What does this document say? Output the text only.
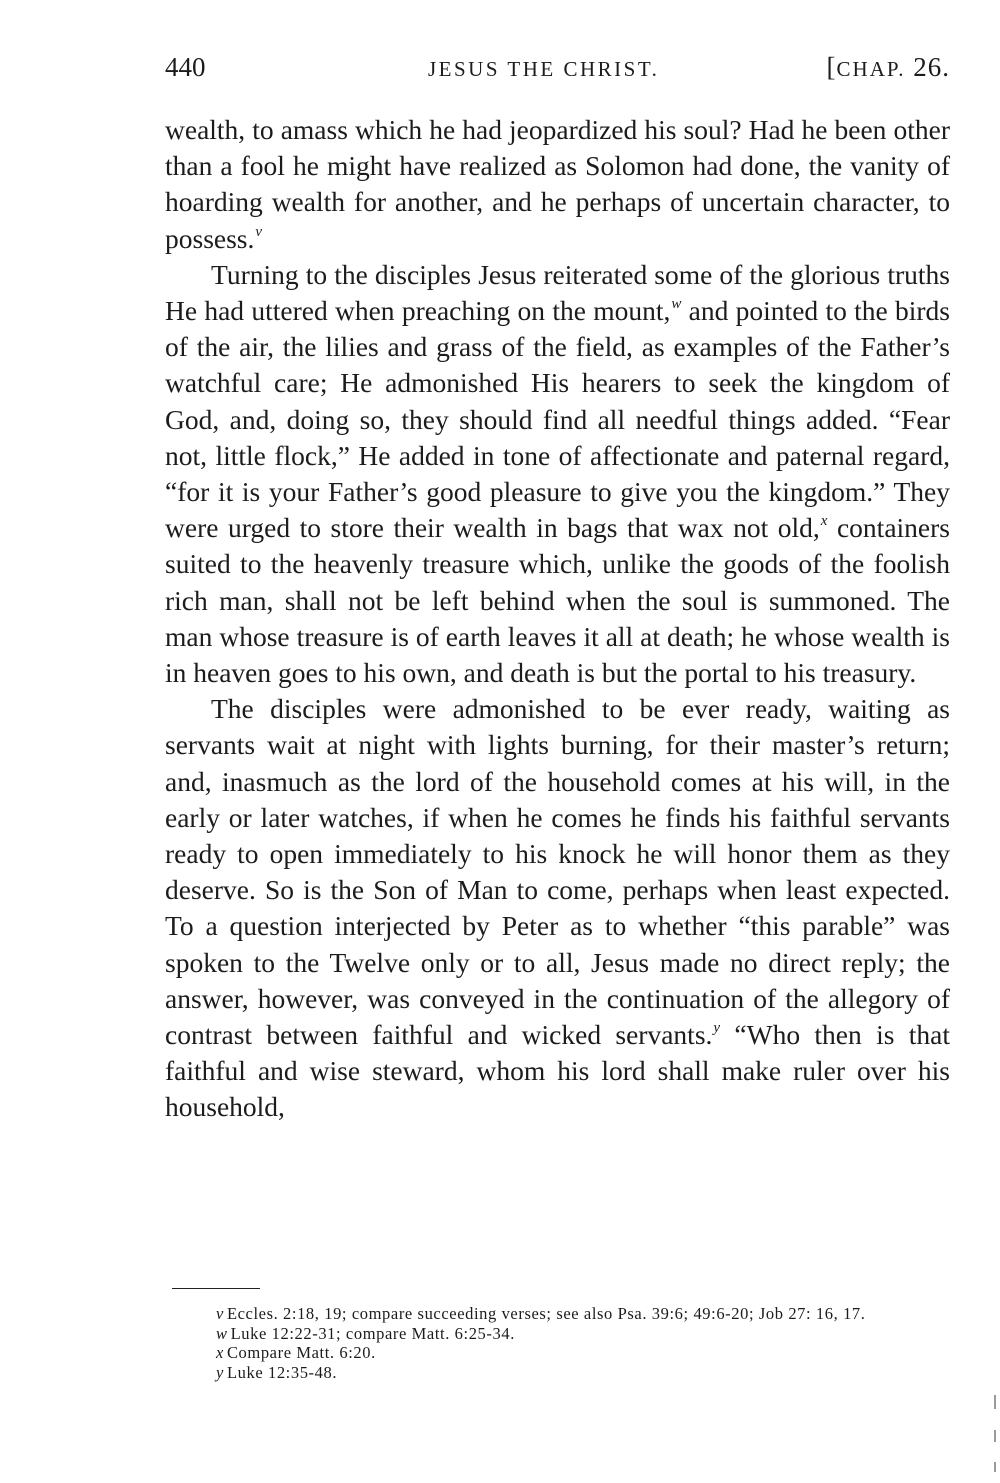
440	JESUS THE CHRIST.	[CHAP. 26.

wealth, to amass which he had jeopardized his soul? Had he been other than a fool he might have realized as Solomon had done, the vanity of hoarding wealth for another, and he perhaps of uncertain character, to possess.$^v$

Turning to the disciples Jesus reiterated some of the glorious truths He had uttered when preaching on the mount,$^w$ and pointed to the birds of the air, the lilies and grass of the field, as examples of the Father’s watchful care; He admonished His hearers to seek the kingdom of God, and, doing so, they should find all needful things added. “Fear not, little flock,” He added in tone of affectionate and paternal regard, “for it is your Father’s good pleasure to give you the kingdom.” They were urged to store their wealth in bags that wax not old,$^x$ containers suited to the heavenly treasure which, unlike the goods of the foolish rich man, shall not be left behind when the soul is summoned. The man whose treasure is of earth leaves it all at death; he whose wealth is in heaven goes to his own, and death is but the portal to his treasury.

The disciples were admonished to be ever ready, waiting as servants wait at night with lights burning, for their master’s return; and, inasmuch as the lord of the household comes at his will, in the early or later watches, if when he comes he finds his faithful servants ready to open immediately to his knock he will honor them as they deserve. So is the Son of Man to come, perhaps when least expected. To a question interjected by Peter as to whether “this parable” was spoken to the Twelve only or to all, Jesus made no direct reply; the answer, however, was conveyed in the continuation of the allegory of contrast between faithful and wicked servants.$^y$ “Who then is that faithful and wise steward, whom his lord shall make ruler over his household,

v Eccles. 2:18, 19; compare succeeding verses; see also Psa. 39:6; 49:6-20; Job 27: 16, 17.

w Luke 12:22-31; compare Matt. 6:25-34.

x Compare Matt. 6:20.

y Luke 12:35-48.
